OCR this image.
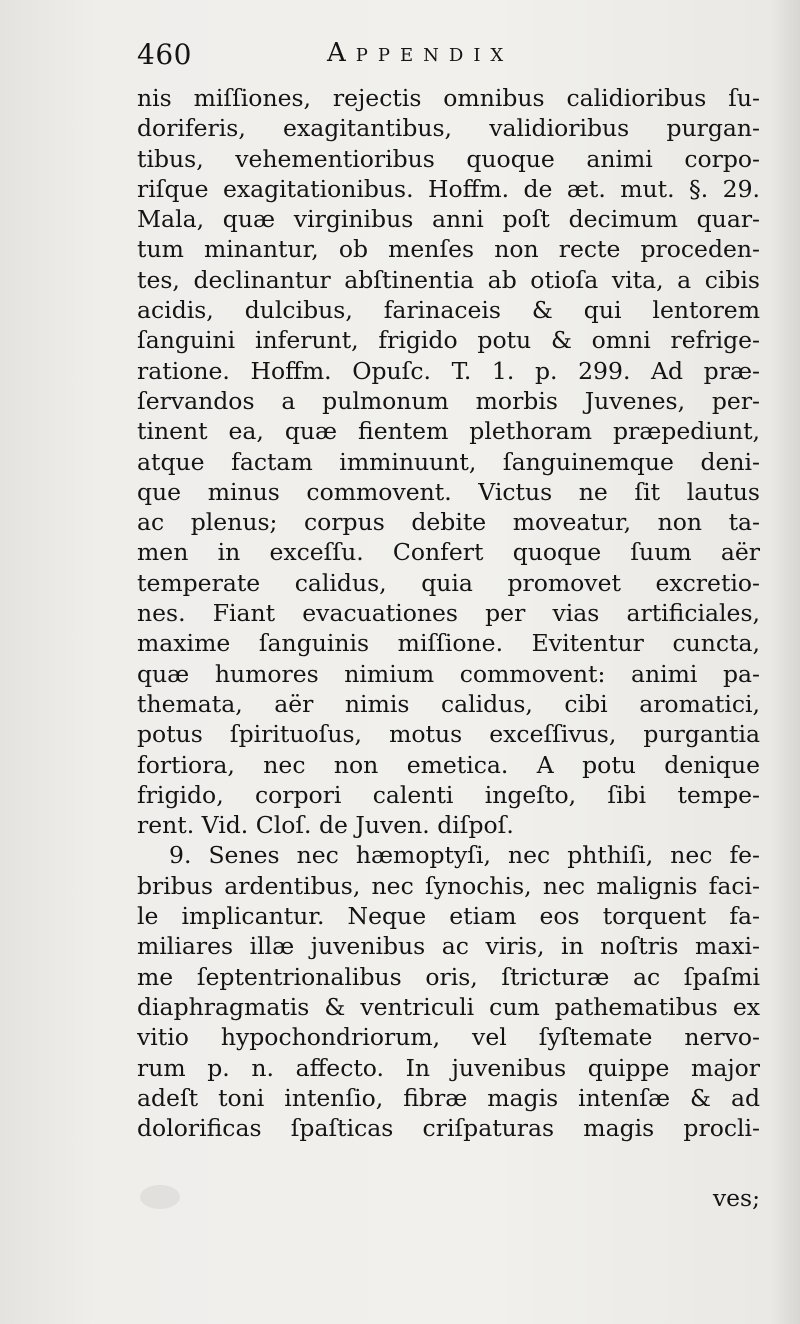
460	Appendix
nis miſſiones, rejectis omnibus calidioribus ſu-
doriferis, exagitantibus, validioribus purgan-
tibus, vehementioribus quoque animi corpo-
riſque exagitationibus. Hoffm. de æt. mut. §. 29.
Mala, quæ virginibus anni poſt decimum quar-
tum minantur, ob menſes non recte proceden-
tes, declinantur abſtinentia ab otioſa vita, a cibis
acidis, dulcibus, farinaceis & qui lentorem
ſanguini inferunt, frigido potu & omni refrige-
ratione. Hoffm. Opuſc. T. 1. p. 299. Ad præ-
ſervandos a pulmonum morbis Juvenes, per-
tinent ea, quæ fientem plethoram præpediunt,
atque factam imminuunt, ſanguinemque deni-
que minus commovent. Victus ne ſit lautus
ac plenus; corpus debite moveatur, non ta-
men in exceſſu. Confert quoque ſuum aër
temperate calidus, quia promovet excretio-
nes. Fiant evacuationes per vias artificiales,
maxime ſanguinis miſſione. Evitentur cuncta,
quæ humores nimium commovent: animi pa-
themata, aër nimis calidus, cibi aromatici,
potus ſpirituoſus, motus exceſſivus, purgantia
fortiora, nec non emetica. A potu denique
frigido, corpori calenti ingeſto, ſibi tempe-
rent. Vid. Cloſ. de Juven. diſpoſ.
9. Senes nec hæmoptyſi, nec phthiſi, nec fe-
bribus ardentibus, nec ſynochis, nec malignis faci-
le implicantur. Neque etiam eos torquent fa-
miliares illæ juvenibus ac viris, in noſtris maxi-
me ſeptentrionalibus oris, ſtricturæ ac ſpaſmi
diaphragmatis & ventriculi cum pathematibus ex
vitio hypochondriorum, vel ſyſtemate nervo-
rum p. n. affecto. In juvenibus quippe major
adeſt toni intenſio, fibræ magis intenſæ & ad
dolorificas ſpaſticas criſpaturas magis procli-
ves;
